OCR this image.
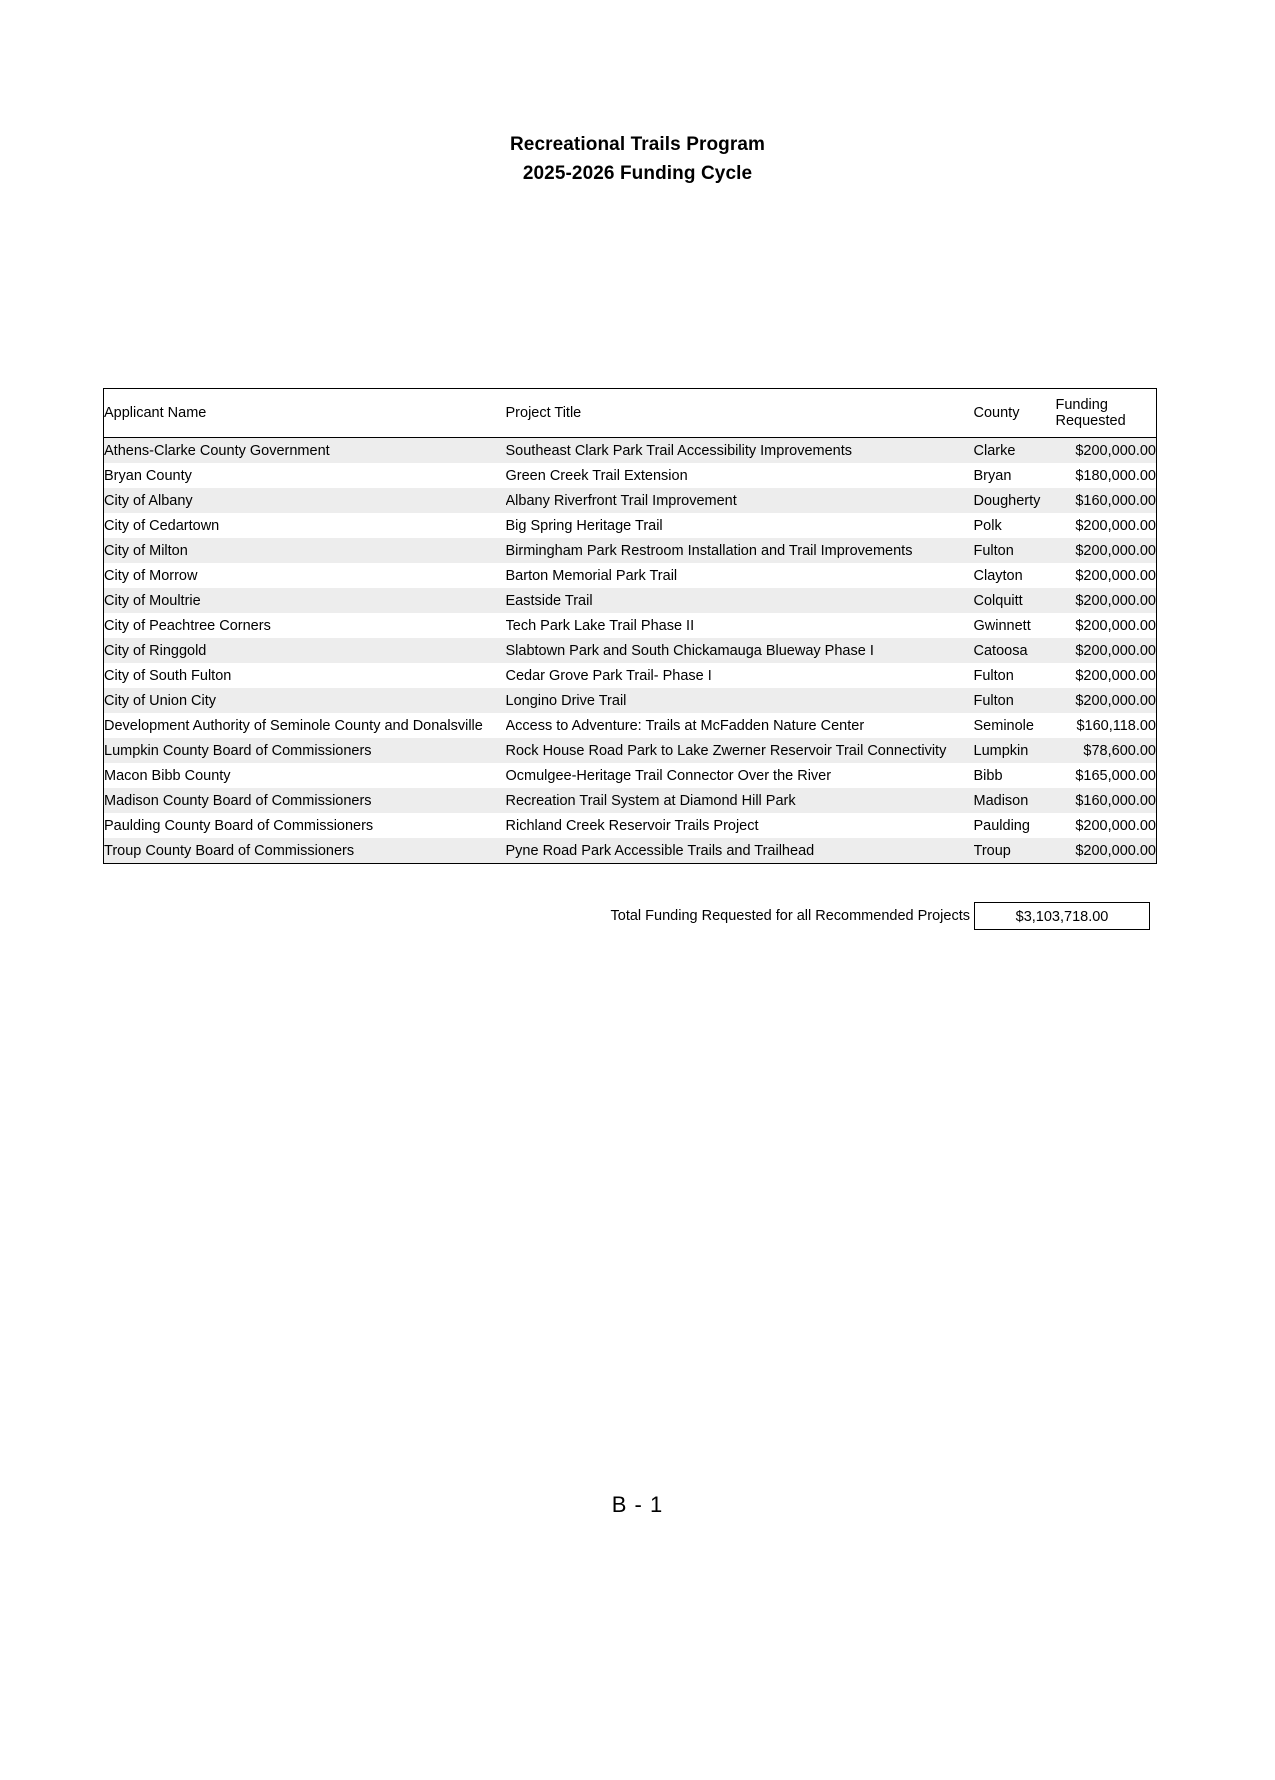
Recreational Trails Program
2025-2026 Funding Cycle
Applicant Name	Project Title	County	Funding
Requested

Athens-Clarke County Government	Southeast Clark Park Trail Accessibility Improvements	Clarke	$200,000.00
Bryan County	Green Creek Trail Extension	Bryan	$180,000.00
City of Albany	Albany Riverfront Trail Improvement	Dougherty	$160,000.00
City of Cedartown	Big Spring Heritage Trail	Polk	$200,000.00
City of Milton	Birmingham Park Restroom Installation and Trail Improvements	Fulton	$200,000.00
City of Morrow	Barton Memorial Park Trail	Clayton	$200,000.00
City of Moultrie	Eastside Trail	Colquitt	$200,000.00
City of Peachtree Corners	Tech Park Lake Trail Phase II	Gwinnett	$200,000.00
City of Ringgold	Slabtown Park and South Chickamauga Blueway Phase I	Catoosa	$200,000.00
City of South Fulton	Cedar Grove Park Trail- Phase I	Fulton	$200,000.00
City of Union City	Longino Drive Trail	Fulton	$200,000.00
Development Authority of Seminole County and Donalsville	Access to Adventure: Trails at McFadden Nature Center	Seminole	$160,118.00
Lumpkin County Board of Commissioners	Rock House Road Park to Lake Zwerner Reservoir Trail Connectivity	Lumpkin	$78,600.00
Macon Bibb County	Ocmulgee-Heritage Trail Connector Over the River	Bibb	$165,000.00
Madison County Board of Commissioners	Recreation Trail System at Diamond Hill Park	Madison	$160,000.00
Paulding County Board of Commissioners	Richland Creek Reservoir Trails Project	Paulding	$200,000.00
Troup County Board of Commissioners	Pyne Road Park Accessible Trails and Trailhead	Troup	$200,000.00
Total Funding Requested for all Recommended Projects	$3,103,718.00
B - 1
